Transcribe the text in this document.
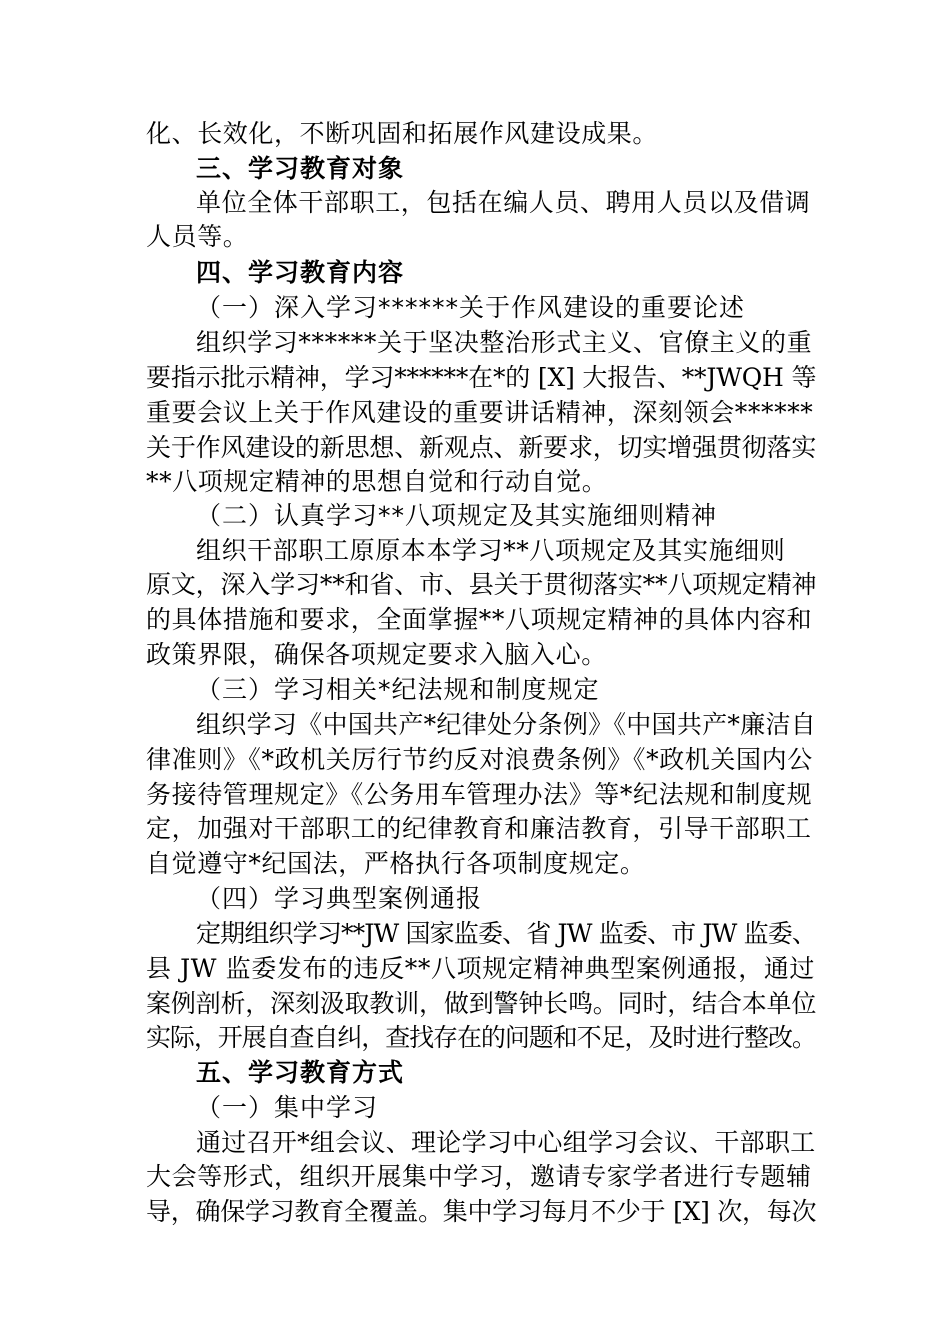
化、长效化，不断巩固和拓展作风建设成果。
三、学习教育对象
单位全体干部职工，包括在编人员、聘用人员以及借调
人员等。
四、学习教育内容
（一）深入学习******关于作风建设的重要论述
组织学习******关于坚决整治形式主义、官僚主义的重
要指示批示精神，学习******在*的 [X] 大报告、**JWQH 等
重要会议上关于作风建设的重要讲话精神，深刻领会******
关于作风建设的新思想、新观点、新要求，切实增强贯彻落实
**八项规定精神的思想自觉和行动自觉。
（二）认真学习**八项规定及其实施细则精神
组织干部职工原原本本学习**八项规定及其实施细则
原文，深入学习**和省、市、县关于贯彻落实**八项规定精神
的具体措施和要求，全面掌握**八项规定精神的具体内容和
政策界限，确保各项规定要求入脑入心。
（三）学习相关*纪法规和制度规定
组织学习《中国共产*纪律处分条例》《中国共产*廉洁自
律准则》《*政机关厉行节约反对浪费条例》《*政机关国内公
务接待管理规定》《公务用车管理办法》等*纪法规和制度规
定，加强对干部职工的纪律教育和廉洁教育，引导干部职工
自觉遵守*纪国法，严格执行各项制度规定。
（四）学习典型案例通报
定期组织学习**JW 国家监委、省 JW 监委、市 JW 监委、
县 JW 监委发布的违反**八项规定精神典型案例通报，通过
案例剖析，深刻汲取教训，做到警钟长鸣。同时，结合本单位
实际，开展自查自纠，查找存在的问题和不足，及时进行整改。
五、学习教育方式
（一）集中学习
通过召开*组会议、理论学习中心组学习会议、干部职工
大会等形式，组织开展集中学习，邀请专家学者进行专题辅
导，确保学习教育全覆盖。集中学习每月不少于 [X] 次，每次
